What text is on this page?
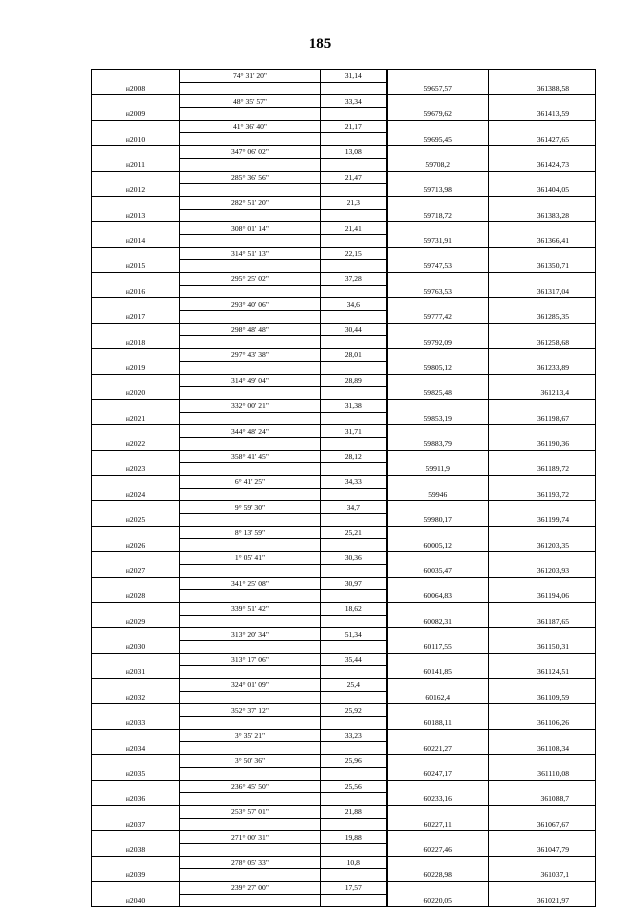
185
	74° 31' 20"	31,14		
н2008			59657,57	361388,58
	48° 35' 57"	33,34		
н2009			59679,62	361413,59
	41° 36' 40"	21,17		
н2010			59695,45	361427,65
	347° 06' 02"	13,08		
н2011			59708,2	361424,73
	285° 36' 56"	21,47		
н2012			59713,98	361404,05
	282° 51' 20"	21,3		
н2013			59718,72	361383,28
	308° 01' 14"	21,41		
н2014			59731,91	361366,41
	314° 51' 13"	22,15		
н2015			59747,53	361350,71
	295° 25' 02"	37,28		
н2016			59763,53	361317,04
	293° 40' 06"	34,6		
н2017			59777,42	361285,35
	298° 48' 48"	30,44		
н2018			59792,09	361258,68
	297° 43' 38"	28,01		
н2019			59805,12	361233,89
	314° 49' 04"	28,89		
н2020			59825,48	361213,4
	332° 00' 21"	31,38		
н2021			59853,19	361198,67
	344° 48' 24"	31,71		
н2022			59883,79	361190,36
	358° 41' 45"	28,12		
н2023			59911,9	361189,72
	6° 41' 25"	34,33		
н2024			59946	361193,72
	9° 59' 30"	34,7		
н2025			59980,17	361199,74
	8° 13' 59"	25,21		
н2026			60005,12	361203,35
	1° 05' 41"	30,36		
н2027			60035,47	361203,93
	341° 25' 08"	30,97		
н2028			60064,83	361194,06
	339° 51' 42"	18,62		
н2029			60082,31	361187,65
	313° 20' 34"	51,34		
н2030			60117,55	361150,31
	313° 17' 06"	35,44		
н2031			60141,85	361124,51
	324° 01' 09"	25,4		
н2032			60162,4	361109,59
	352° 37' 12"	25,92		
н2033			60188,11	361106,26
	3° 35' 21"	33,23		
н2034			60221,27	361108,34
	3° 50' 36"	25,96		
н2035			60247,17	361110,08
	236° 45' 50"	25,56		
н2036			60233,16	361088,7
	253° 57' 01"	21,88		
н2037			60227,11	361067,67
	271° 00' 31"	19,88		
н2038			60227,46	361047,79
	278° 05' 33"	10,8		
н2039			60228,98	361037,1
	239° 27' 00"	17,57		
н2040			60220,05	361021,97
